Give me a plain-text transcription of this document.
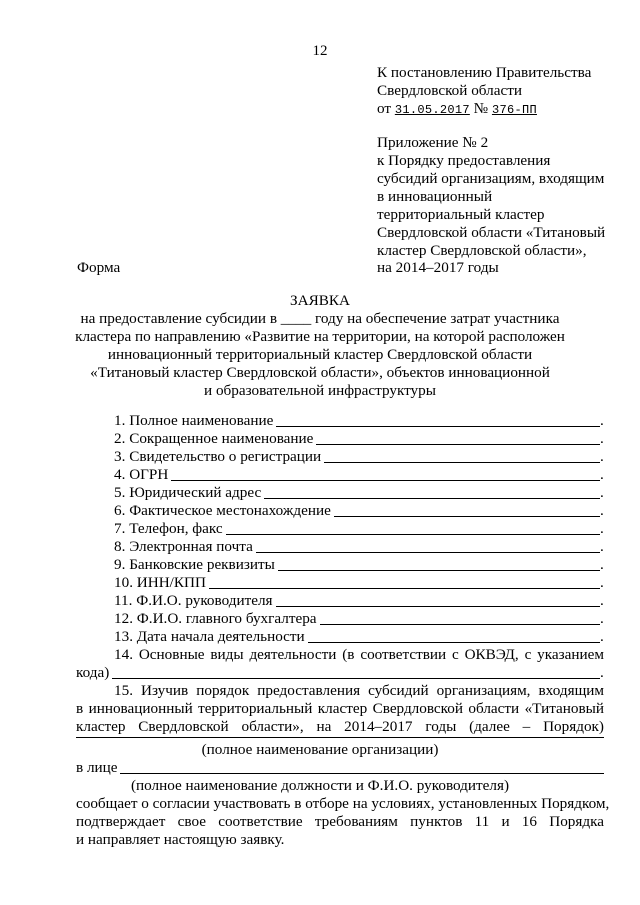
12
К постановлению Правительства
Свердловской области
от 31.05.2017 № 376-ПП
Приложение № 2
к Порядку предоставления
субсидий организациям, входящим
в инновационный
территориальный кластер
Свердловской области «Титановый
кластер Свердловской области»,
на 2014–2017 годы
Форма
ЗАЯВКА
на предоставление субсидии в ____ году на обеспечение затрат участника
кластера по направлению «Развитие на территории, на которой расположен
инновационный территориальный кластер Свердловской области
«Титановый кластер Свердловской области», объектов инновационной
и образовательной инфраструктуры
1. Полное наименование	.
2. Сокращенное наименование	.
3. Свидетельство о регистрации	.
4. ОГРН	.
5. Юридический адрес	.
6. Фактическое местонахождение	.
7. Телефон, факс	.
8. Электронная почта	.
9. Банковские реквизиты	.
10. ИНН/КПП	.
11. Ф.И.О. руководителя	.
12. Ф.И.О. главного бухгалтера	.
13. Дата начала деятельности	.
14. Основные виды деятельности (в соответствии с ОКВЭД, с указанием
кода)	.
15. Изучив порядок предоставления субсидий организациям, входящим
в инновационный территориальный кластер Свердловской области «Титановый
кластер Свердловской области», на 2014–2017 годы (далее – Порядок)
(полное наименование организации)
в лице
(полное наименование должности и Ф.И.О. руководителя)
сообщает о согласии участвовать в отборе на условиях, установленных Порядком,
подтверждает свое соответствие требованиям пунктов 11 и 16 Порядка
и направляет настоящую заявку.
